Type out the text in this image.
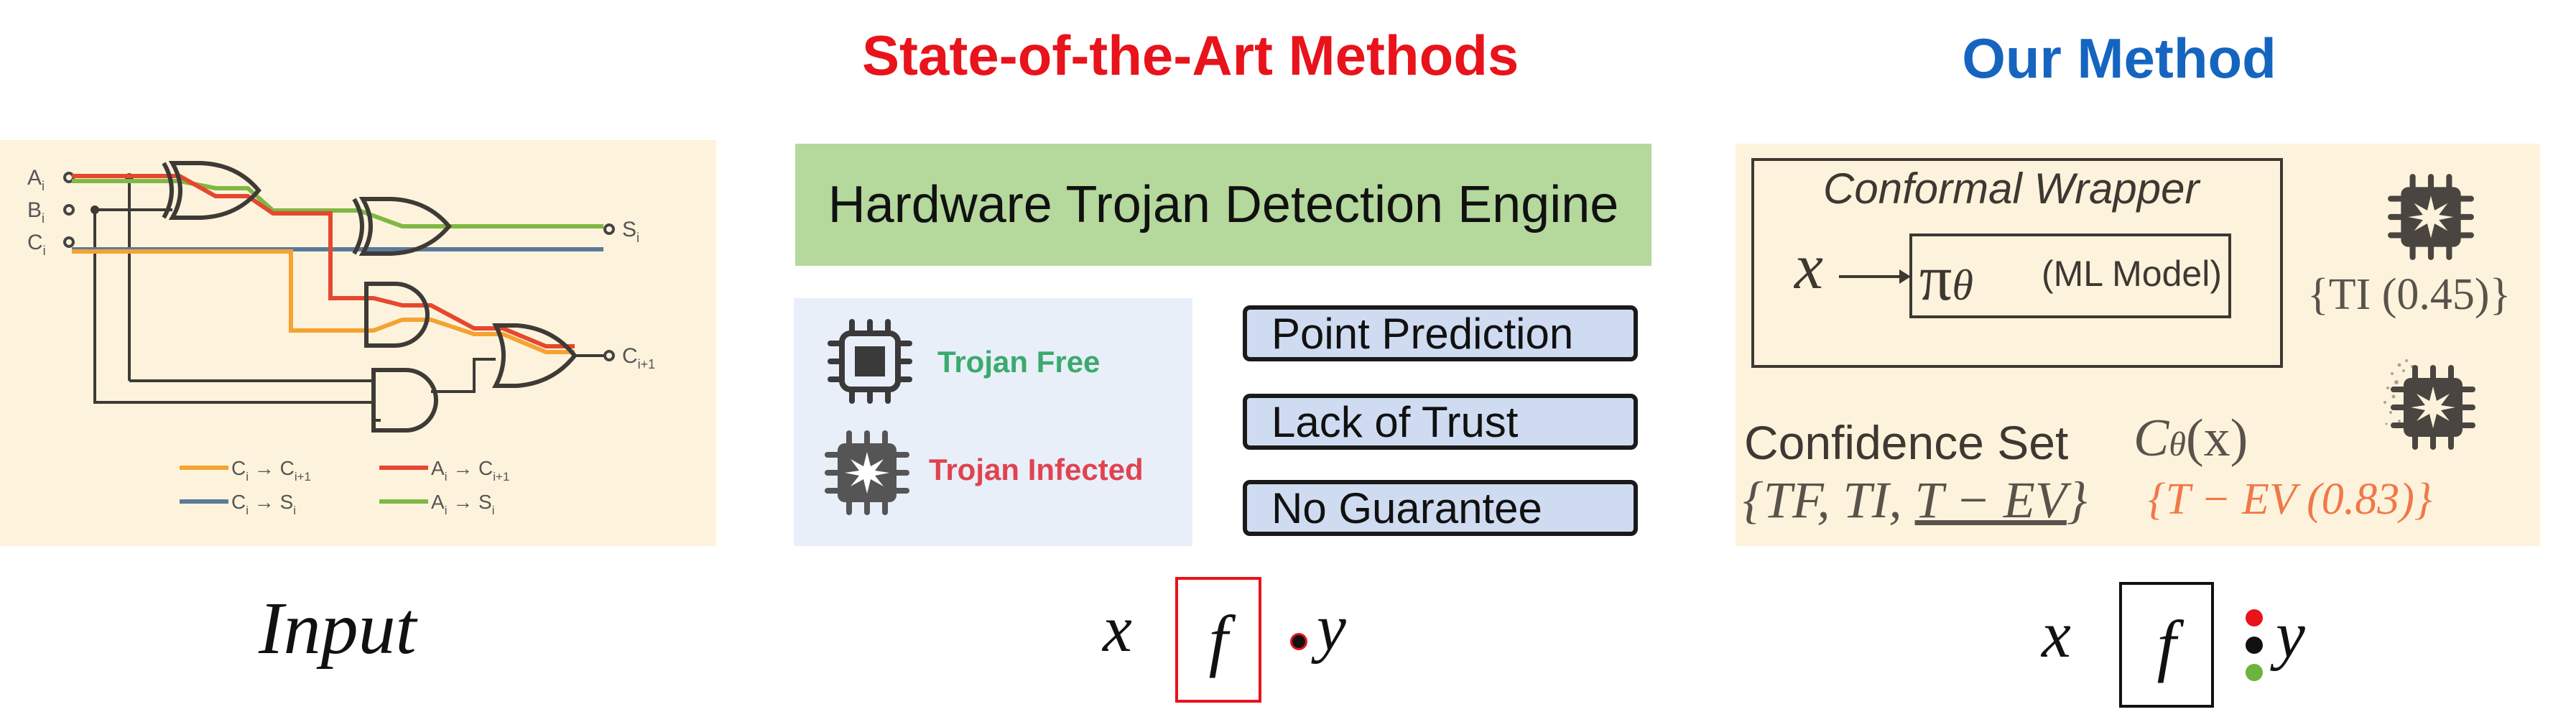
State-of-the-Art Methods	Our Method
$A_i$
$B_i$
$C_i$
$S_i$
$C_{i+1}$
$C_i \to C_{i+1}$	$A_i \to C_{i+1}$
$C_i \to S_i$	$A_i \to S_i$
Input
Hardware Trojan Detection Engine
Trojan Free
Trojan Infected
Point Prediction
Lack of Trust
No Guarantee
x f y
Conformal Wrapper
x πθ (ML Model) {TI (0.45)}
Confidence Set Cθ(x)
{TF, TI, T − EV} {T − EV (0.83)}
x f y
